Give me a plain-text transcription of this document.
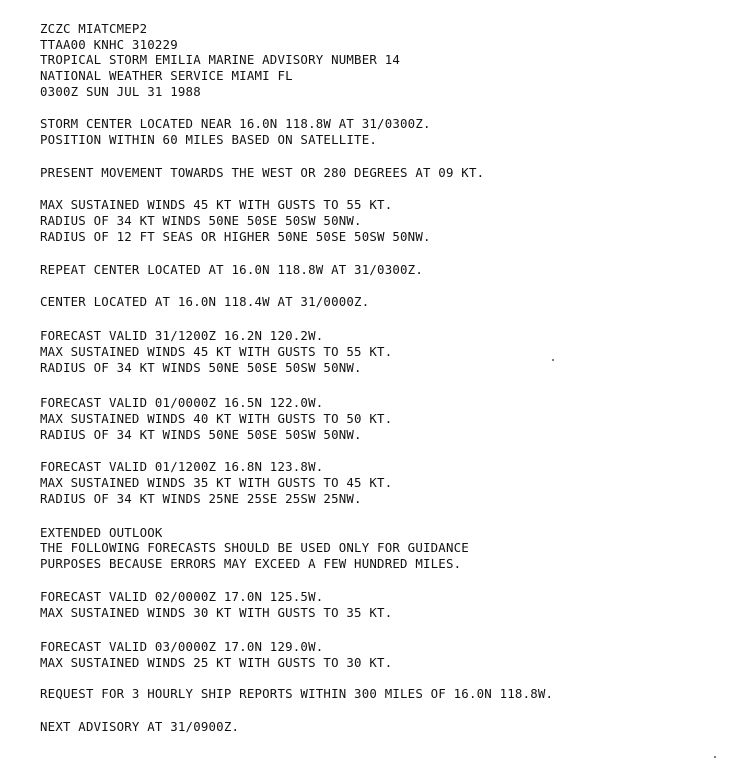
ZCZC MIATCMEP2
TTAA00 KNHC 310229
TROPICAL STORM EMILIA MARINE ADVISORY NUMBER 14
NATIONAL WEATHER SERVICE MIAMI FL
0300Z SUN JUL 31 1988
STORM CENTER LOCATED NEAR 16.0N 118.8W AT 31/0300Z.
POSITION WITHIN 60 MILES BASED ON SATELLITE.
PRESENT MOVEMENT TOWARDS THE WEST OR 280 DEGREES AT 09 KT.
MAX SUSTAINED WINDS 45 KT WITH GUSTS TO 55 KT.
RADIUS OF 34 KT WINDS 50NE 50SE 50SW 50NW.
RADIUS OF 12 FT SEAS OR HIGHER 50NE 50SE 50SW 50NW.
REPEAT CENTER LOCATED AT 16.0N 118.8W AT 31/0300Z.
CENTER LOCATED AT 16.0N 118.4W AT 31/0000Z.
FORECAST VALID 31/1200Z 16.2N 120.2W.
MAX SUSTAINED WINDS 45 KT WITH GUSTS TO 55 KT.
RADIUS OF 34 KT WINDS 50NE 50SE 50SW 50NW.
FORECAST VALID 01/0000Z 16.5N 122.0W.
MAX SUSTAINED WINDS 40 KT WITH GUSTS TO 50 KT.
RADIUS OF 34 KT WINDS 50NE 50SE 50SW 50NW.
FORECAST VALID 01/1200Z 16.8N 123.8W.
MAX SUSTAINED WINDS 35 KT WITH GUSTS TO 45 KT.
RADIUS OF 34 KT WINDS 25NE 25SE 25SW 25NW.
EXTENDED OUTLOOK
THE FOLLOWING FORECASTS SHOULD BE USED ONLY FOR GUIDANCE
PURPOSES BECAUSE ERRORS MAY EXCEED A FEW HUNDRED MILES.
FORECAST VALID 02/0000Z 17.0N 125.5W.
MAX SUSTAINED WINDS 30 KT WITH GUSTS TO 35 KT.
FORECAST VALID 03/0000Z 17.0N 129.0W.
MAX SUSTAINED WINDS 25 KT WITH GUSTS TO 30 KT.
REQUEST FOR 3 HOURLY SHIP REPORTS WITHIN 300 MILES OF 16.0N 118.8W.
NEXT ADVISORY AT 31/0900Z.
